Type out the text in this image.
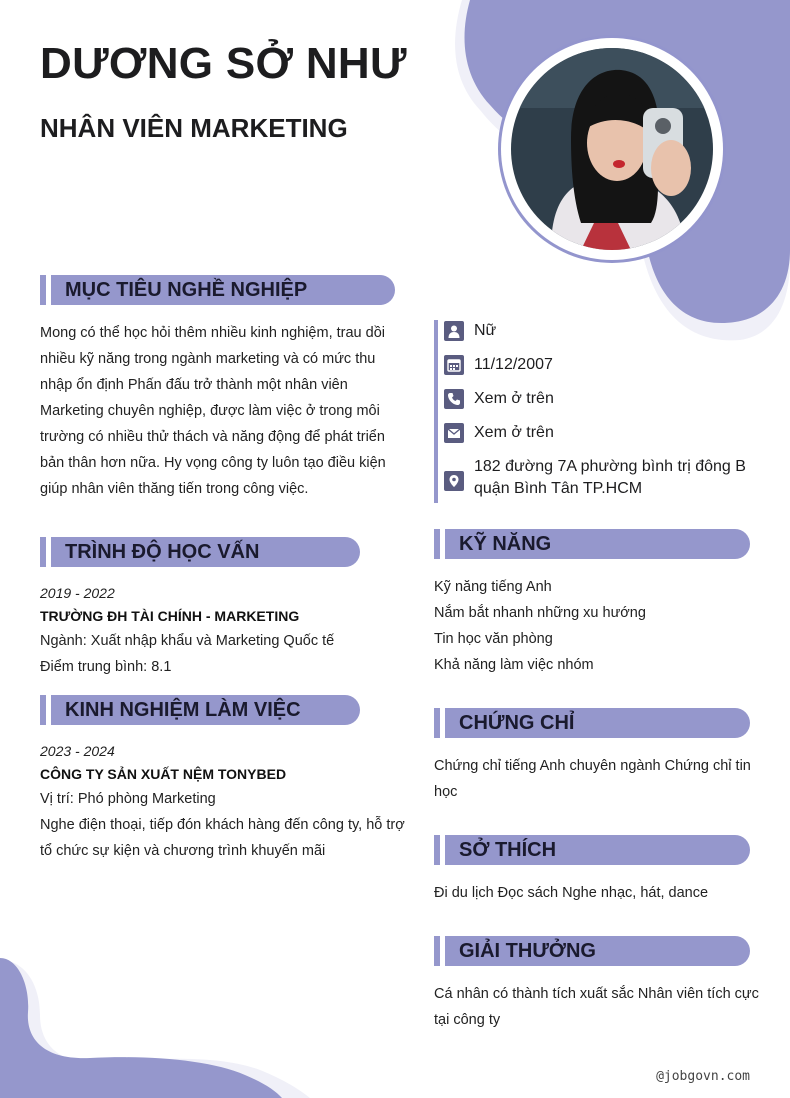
DƯƠNG SỞ NHƯ
NHÂN VIÊN MARKETING
MỤC TIÊU NGHỀ NGHIỆP

Mong có thể học hỏi thêm nhiều kinh nghiệm, trau dồi

nhiều kỹ năng trong ngành marketing và có mức thu

nhập ổn định Phấn đấu trở thành một nhân viên

Marketing chuyên nghiệp, được làm việc ở trong môi

trường có nhiều thử thách và năng động để phát triển

bản thân hơn nữa. Hy vọng công ty luôn tạo điều kiện

giúp nhân viên thăng tiến trong công việc.

TRÌNH ĐỘ HỌC VẤN
2019 - 2022
TRƯỜNG ĐH TÀI CHÍNH - MARKETING
Ngành: Xuất nhập khẩu và Marketing Quốc tế
Điểm trung bình: 8.1
KINH NGHIỆM LÀM VIỆC
2023 - 2024
CÔNG TY SẢN XUẤT NỆM TONYBED
Vị trí: Phó phòng Marketing
Nghe điện thoại, tiếp đón khách hàng đến công ty, hỗ trợ
tổ chức sự kiện và chương trình khuyến mãi
Nữ
11/12/2007
Xem ở trên
Xem ở trên
182 đường 7A phường bình trị đông B
quận Bình Tân TP.HCM
KỸ NĂNG
Kỹ năng tiếng Anh
Nắm bắt nhanh những xu hướng
Tin học văn phòng
Khả năng làm việc nhóm
CHỨNG CHỈ
Chứng chỉ tiếng Anh chuyên ngành Chứng chỉ tin
học
SỞ THÍCH
Đi du lịch Đọc sách Nghe nhạc, hát, dance
GIẢI THƯỞNG
Cá nhân có thành tích xuất sắc Nhân viên tích cực
tại công ty
@jobgovn.com
